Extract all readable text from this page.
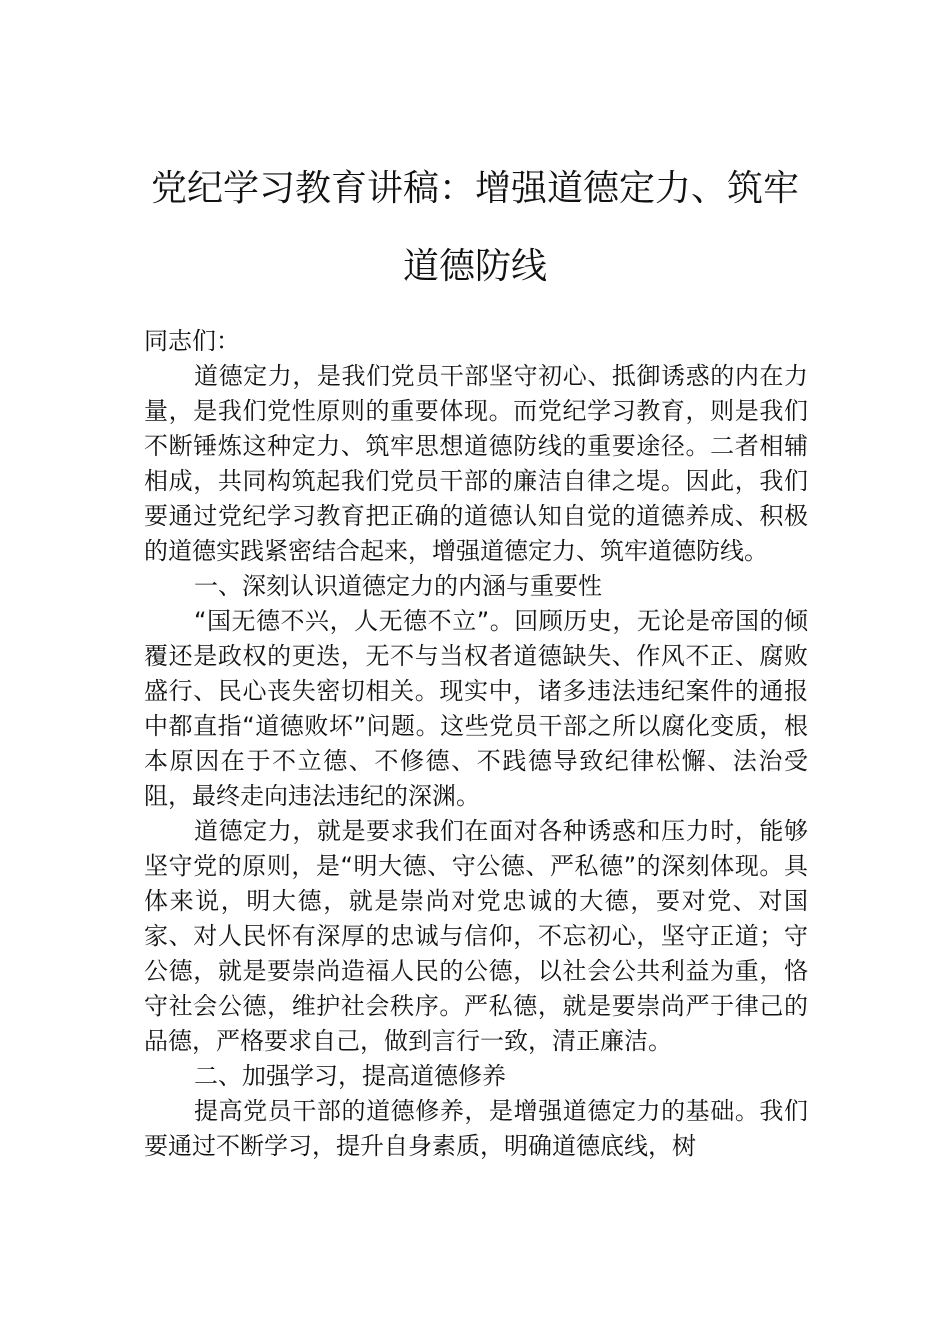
党纪学习教育讲稿：增强道德定力、筑牢
道德防线

同志们：

道德定力，是我们党员干部坚守初心、抵御诱惑的内在力量，是我们党性原则的重要体现。而党纪学习教育，则是我们不断锤炼这种定力、筑牢思想道德防线的重要途径。二者相辅相成，共同构筑起我们党员干部的廉洁自律之堤。因此，我们要通过党纪学习教育把正确的道德认知自觉的道德养成、积极的道德实践紧密结合起来，增强道德定力、筑牢道德防线。

一、深刻认识道德定力的内涵与重要性

“国无德不兴，人无德不立”。回顾历史，无论是帝国的倾覆还是政权的更迭，无不与当权者道德缺失、作风不正、腐败盛行、民心丧失密切相关。现实中，诸多违法违纪案件的通报中都直指“道德败坏”问题。这些党员干部之所以腐化变质，根本原因在于不立德、不修德、不践德导致纪律松懈、法治受阻，最终走向违法违纪的深渊。

道德定力，就是要求我们在面对各种诱惑和压力时，能够坚守党的原则，是“明大德、守公德、严私德”的深刻体现。具体来说，明大德，就是崇尚对党忠诚的大德，要对党、对国家、对人民怀有深厚的忠诚与信仰，不忘初心，坚守正道；守公德，就是要崇尚造福人民的公德，以社会公共利益为重，恪守社会公德，维护社会秩序。严私德，就是要崇尚严于律己的品德，严格要求自己，做到言行一致，清正廉洁。

二、加强学习，提高道德修养

提高党员干部的道德修养，是增强道德定力的基础。我们要通过不断学习，提升自身素质，明确道德底线，树
